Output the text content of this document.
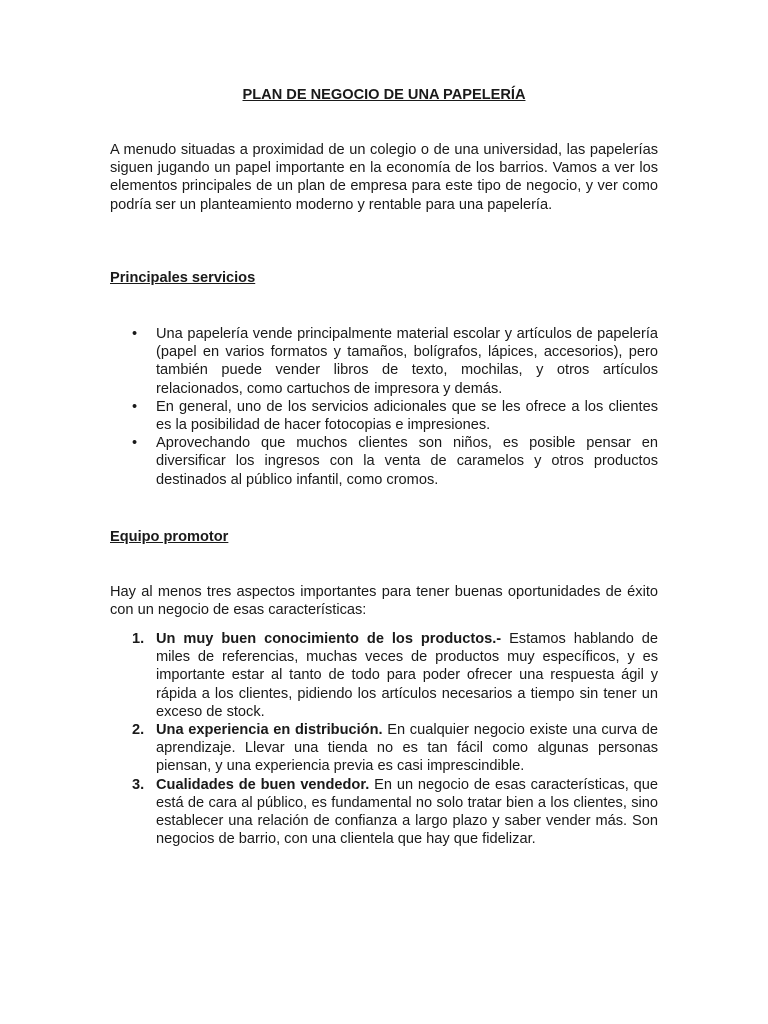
PLAN DE NEGOCIO DE UNA PAPELERÍA

A menudo situadas a proximidad de un colegio o de una universidad, las papelerías siguen jugando un papel importante en la economía de los barrios. Vamos a ver los elementos principales de un plan de empresa para este tipo de negocio, y ver como podría ser un planteamiento moderno y rentable para una papelería.

Principales servicios

• Una papelería vende principalmente material escolar y artículos de papelería (papel en varios formatos y tamaños, bolígrafos, lápices, accesorios), pero también puede vender libros de texto, mochilas, y otros artículos relacionados, como cartuchos de impresora y demás.
• En general, uno de los servicios adicionales que se les ofrece a los clientes es la posibilidad de hacer fotocopias e impresiones.
• Aprovechando que muchos clientes son niños, es posible pensar en diversificar los ingresos con la venta de caramelos y otros productos destinados al público infantil, como cromos.

Equipo promotor

Hay al menos tres aspectos importantes para tener buenas oportunidades de éxito con un negocio de esas características:

1. Un muy buen conocimiento de los productos.- Estamos hablando de miles de referencias, muchas veces de productos muy específicos, y es importante estar al tanto de todo para poder ofrecer una respuesta ágil y rápida a los clientes, pidiendo los artículos necesarios a tiempo sin tener un exceso de stock.
2. Una experiencia en distribución. En cualquier negocio existe una curva de aprendizaje. Llevar una tienda no es tan fácil como algunas personas piensan, y una experiencia previa es casi imprescindible.
3. Cualidades de buen vendedor. En un negocio de esas características, que está de cara al público, es fundamental no solo tratar bien a los clientes, sino establecer una relación de confianza a largo plazo y saber vender más. Son negocios de barrio, con una clientela que hay que fidelizar.
